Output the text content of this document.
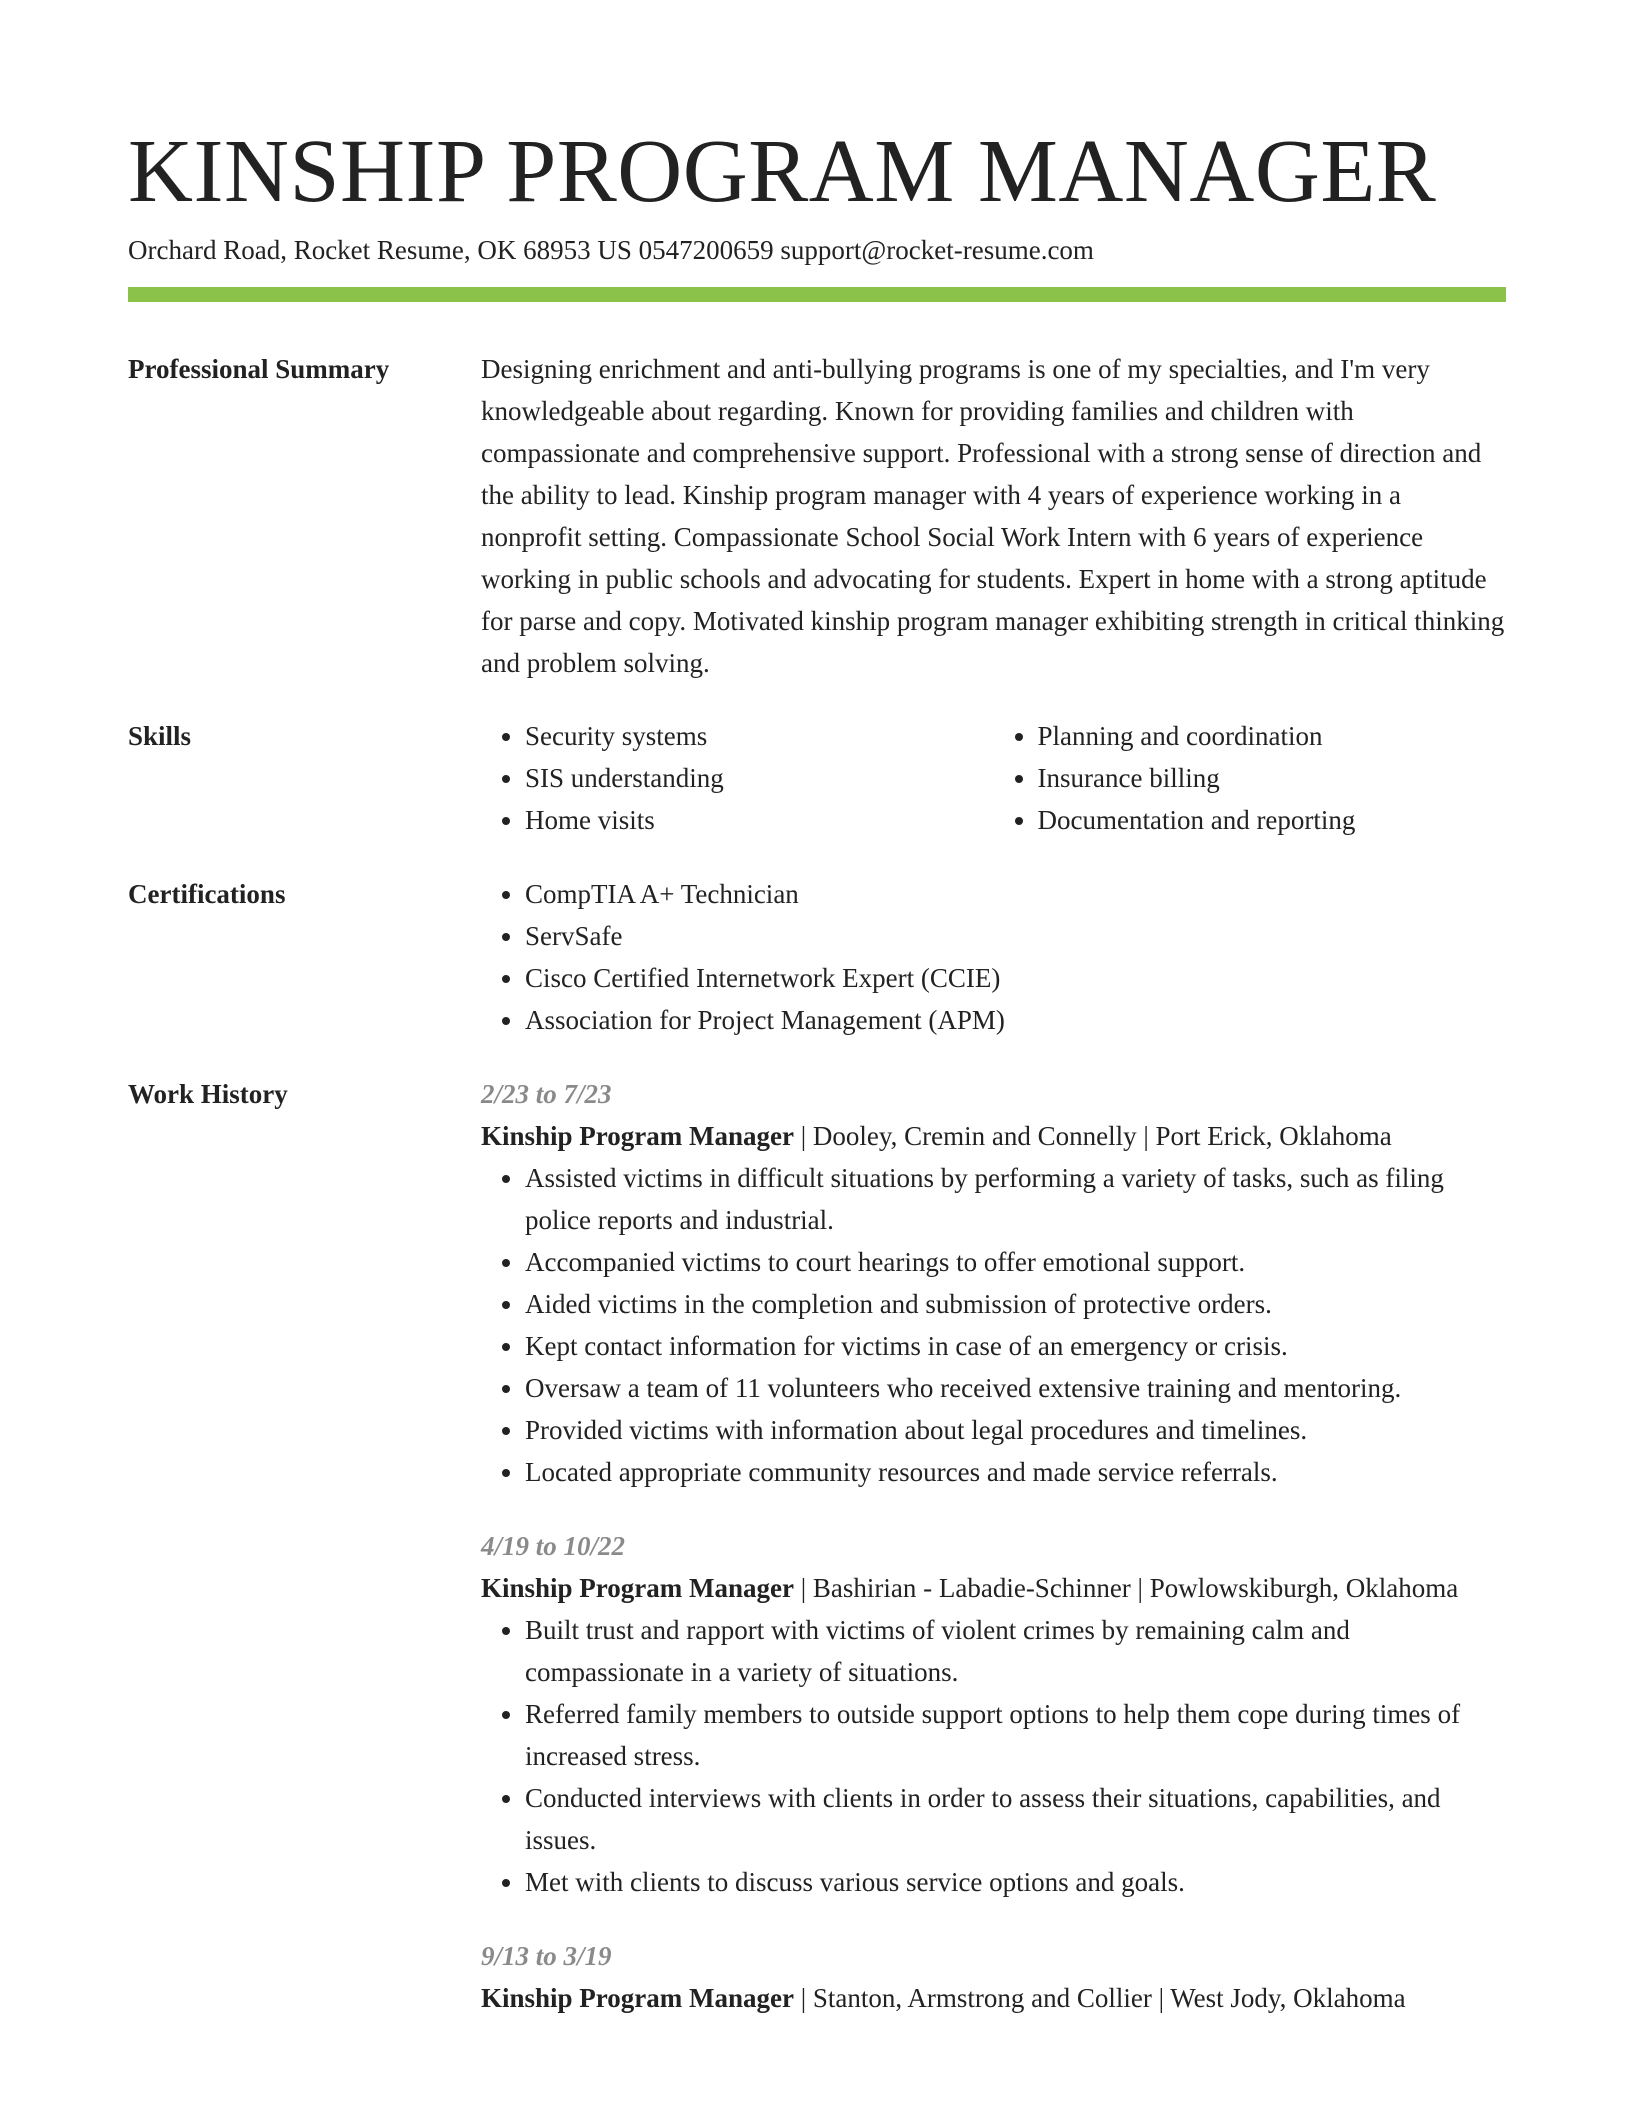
KINSHIP PROGRAM MANAGER
Orchard Road, Rocket Resume, OK 68953 US 0547200659 support@rocket-resume.com
Professional Summary	Designing enrichment and anti-bullying programs is one of my specialties, and I'm very knowledgeable about regarding. Known for providing families and children with compassionate and comprehensive support. Professional with a strong sense of direction and the ability to lead. Kinship program manager with 4 years of experience working in a nonprofit setting. Compassionate School Social Work Intern with 6 years of experience working in public schools and advocating for students. Expert in home with a strong aptitude for parse and copy. Motivated kinship program manager exhibiting strength in critical thinking and problem solving.

Skills	• Security systems
• SIS understanding
• Home visits
• Planning and coordination
• Insurance billing
• Documentation and reporting
Certifications	• CompTIA A+ Technician
• ServSafe
• Cisco Certified Internetwork Expert (CCIE)
• Association for Project Management (APM)
Work History	2/23 to 7/23
Kinship Program Manager | Dooley, Cremin and Connelly | Port Erick, Oklahoma
• Assisted victims in difficult situations by performing a variety of tasks, such as filing police reports and industrial.
• Accompanied victims to court hearings to offer emotional support.
• Aided victims in the completion and submission of protective orders.
• Kept contact information for victims in case of an emergency or crisis.
• Oversaw a team of 11 volunteers who received extensive training and mentoring.
• Provided victims with information about legal procedures and timelines.
• Located appropriate community resources and made service referrals.
4/19 to 10/22
Kinship Program Manager | Bashirian - Labadie-Schinner | Powlowskiburgh, Oklahoma
• Built trust and rapport with victims of violent crimes by remaining calm and compassionate in a variety of situations.
• Referred family members to outside support options to help them cope during times of increased stress.
• Conducted interviews with clients in order to assess their situations, capabilities, and issues.
• Met with clients to discuss various service options and goals.
9/13 to 3/19
Kinship Program Manager | Stanton, Armstrong and Collier | West Jody, Oklahoma
